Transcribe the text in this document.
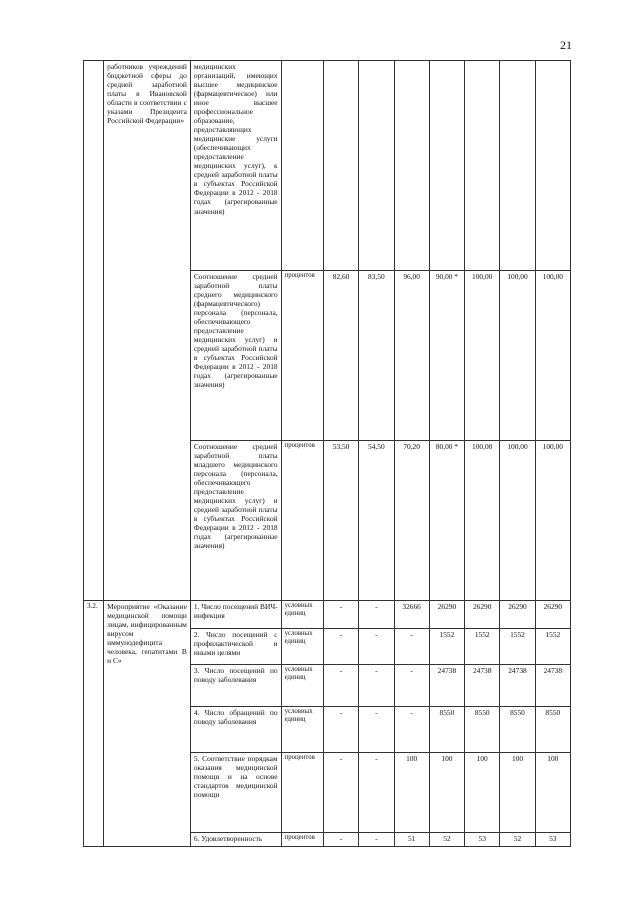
21
	работников учреждений бюджетной сферы до средней заработной платы в Ивановской области в соответствии с указами Президента Российской Федерации»	медицинских организаций, имеющих высшее медицинское (фармацевтическое) или иное высшее профессиональное образование, предоставляющих медицинские услуги (обеспечивающих предоставление медицинских услуг), к средней заработной платы в субъектах Российской Федерации в 2012 - 2018 годах (агрегированные значения)								
		Соотношение средней заработной платы среднего медицинского (фармацевтического) персонала (персонала, обеспечивающего предоставление медицинских услуг) и средней заработной платы в субъектах Российской Федерации в 2012 - 2018 годах (агрегированные значения)	процентов	82,60	83,50	96,00	90,00 *	100,00	100,00	100,00
		Соотношение средней заработной платы младшего медицинского персонала (персонала, обеспечивающего предоставление медицинских услуг) и средней заработной платы в субъектах Российской Федерации в 2012 - 2018 годах (агрегированные значения)	процентов	53,50	54,50	70,20	80,00 *	100,00	100,00	100,00
3.2.	Мероприятие «Оказание медицинской помощи лицам, инфицированным вирусом иммунодефицита человека, гепатитами B и C»	1. Число посещений ВИЧ-инфекция	условных единиц	-	-	32666	26290	26290	26290	26290
		2. Число посещений с профилактической и иными целями	условных единиц	-	-	-	1552	1552	1552	1552
		3. Число посещений по поводу заболевания	условных единиц	-	-	-	24738	24738	24738	24738
		4. Число обращений по поводу заболевания	условных единиц	-	-	-	8550	8550	8550	8550
		5. Соответствие порядкам оказания медицинской помощи и на основе стандартов медицинской помощи	процентов	-	-	100	100	100	100	100
		6. Удовлетворенность	процентов	-	-	51	52	53	52	53
